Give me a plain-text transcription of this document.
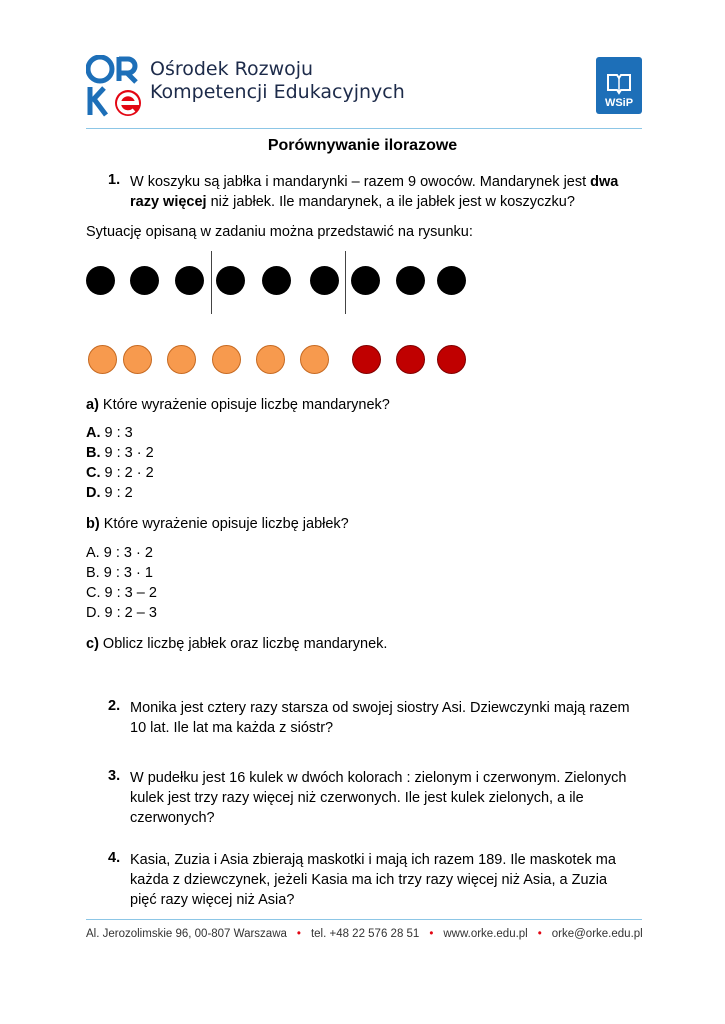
Ośrodek Rozwoju
Kompetencji Edukacyjnych	WSiP
Porównywanie ilorazowe
1. W koszyku są jabłka i mandarynki – razem 9 owoców. Mandarynek jest dwa
razy więcej niż jabłek. Ile mandarynek, a ile jabłek jest w koszyczku?
Sytuację opisaną w zadaniu można przedstawić na rysunku:
a) Które wyrażenie opisuje liczbę mandarynek?
A. 9 : 3
B. 9 : 3 · 2
C. 9 : 2 · 2
D. 9 : 2
b) Które wyrażenie opisuje liczbę jabłek?
A. 9 : 3 · 2
B. 9 : 3 · 1
C. 9 : 3 – 2
D. 9 : 2 – 3
c) Oblicz liczbę jabłek oraz liczbę mandarynek.
2. Monika jest cztery razy starsza od swojej siostry Asi. Dziewczynki mają razem
10 lat. Ile lat ma każda z sióstr?
3. W pudełku jest 16 kulek w dwóch kolorach : zielonym i czerwonym. Zielonych
kulek jest trzy razy więcej niż czerwonych. Ile jest kulek zielonych, a ile
czerwonych?
4. Kasia, Zuzia i Asia zbierają maskotki i mają ich razem 189. Ile maskotek ma
każda z dziewczynek, jeżeli Kasia ma ich trzy razy więcej niż Asia, a Zuzia
pięć razy więcej niż Asia?
Al. Jerozolimskie 96, 00-807 Warszawa • tel. +48 22 576 28 51 • www.orke.edu.pl • orke@orke.edu.pl
